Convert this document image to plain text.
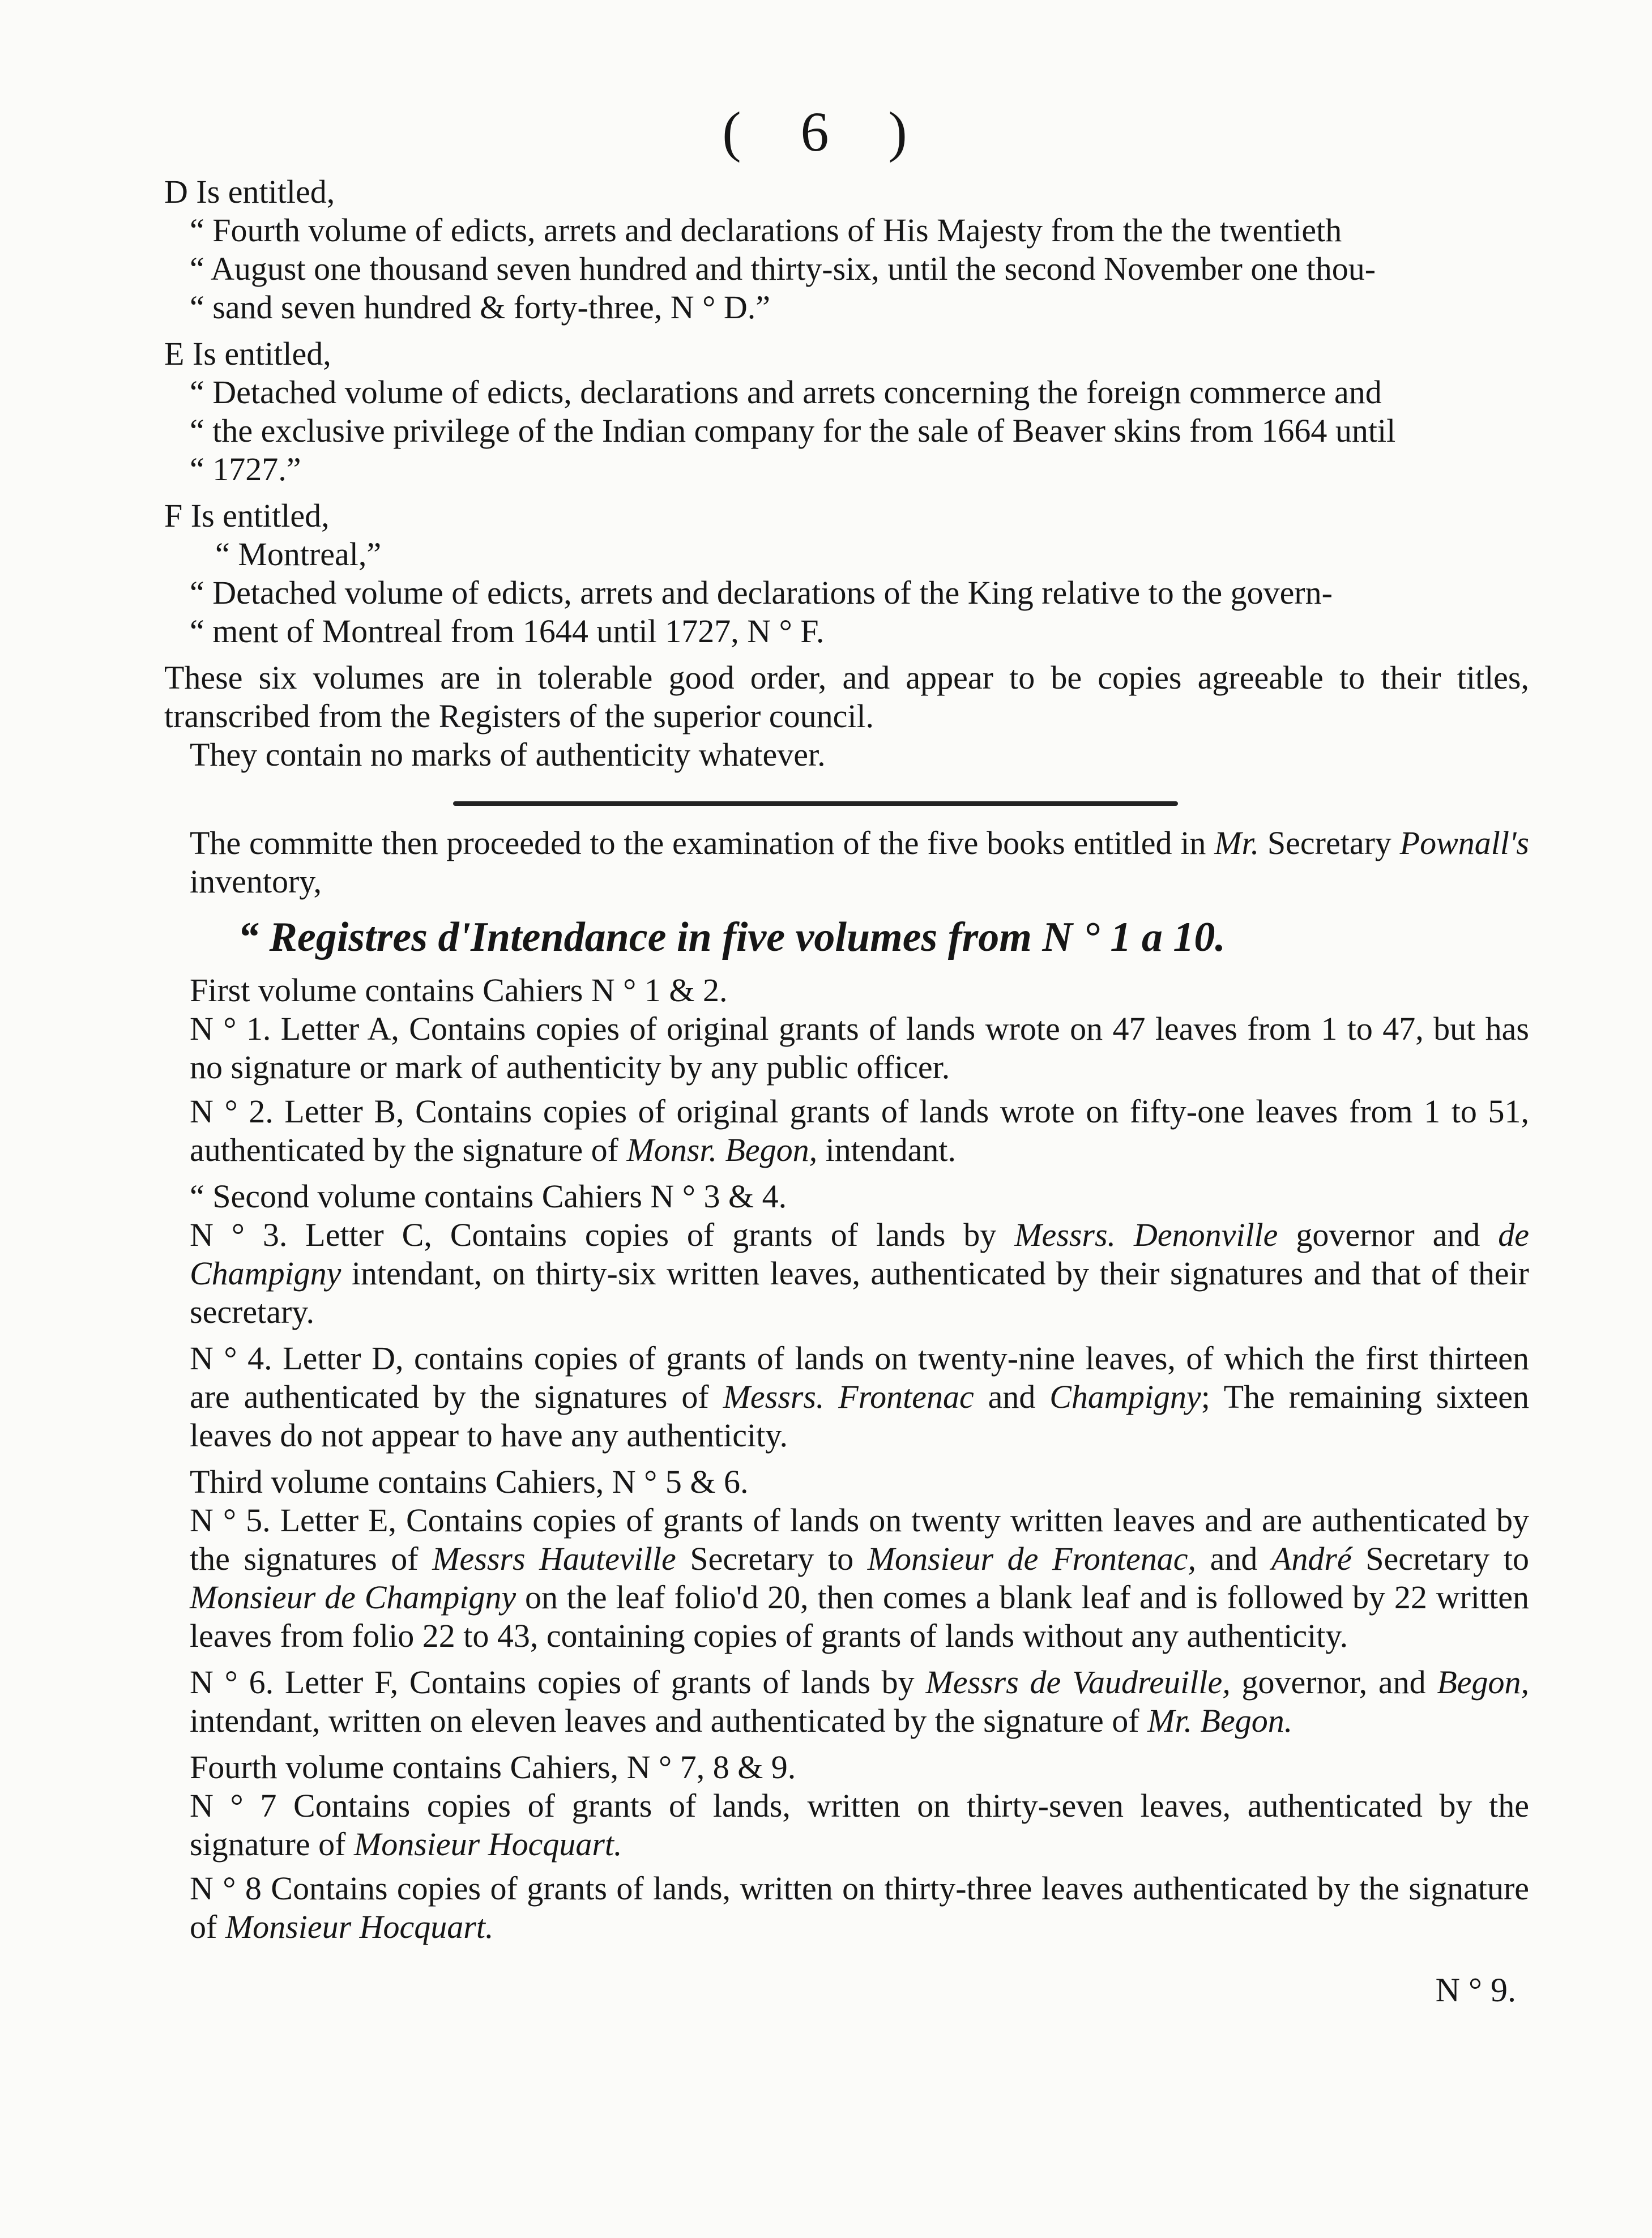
( 6 )

D Is entitled,

“ Fourth volume of edicts, arrets and declarations of His Majesty from the the twentieth
“ August one thousand seven hundred and thirty-six, until the second November one thou-
“ sand seven hundred & forty-three, N ° D.”

E Is entitled,

“ Detached volume of edicts, declarations and arrets concerning the foreign commerce and
“ the exclusive privilege of the Indian company for the sale of Beaver skins from 1664 until
“ 1727.”

F Is entitled,

“ Montreal,”
“ Detached volume of edicts, arrets and declarations of the King relative to the govern-
“ ment of Montreal from 1644 until 1727, N ° F.

These six volumes are in tolerable good order, and appear to be copies agreeable to their titles, transcribed from the Registers of the superior council.

They contain no marks of authenticity whatever.

The committe then proceeded to the examination of the five books entitled in Mr. Secretary Pownall's inventory,

“ Registres d'Intendance in five volumes from N ° 1 a 10.

First volume contains Cahiers N ° 1 & 2.

N ° 1. Letter A, Contains copies of original grants of lands wrote on 47 leaves from 1 to 47, but has no signature or mark of authenticity by any public officer.

N ° 2. Letter B, Contains copies of original grants of lands wrote on fifty-one leaves from 1 to 51, authenticated by the signature of Monsr. Begon, intendant.

“ Second volume contains Cahiers N ° 3 & 4.

N ° 3. Letter C, Contains copies of grants of lands by Messrs. Denonville governor and de Champigny intendant, on thirty-six written leaves, authenticated by their signatures and that of their secretary.

N ° 4. Letter D, contains copies of grants of lands on twenty-nine leaves, of which the first thirteen are authenticated by the signatures of Messrs. Frontenac and Champigny; The remaining sixteen leaves do not appear to have any authenticity.

Third volume contains Cahiers, N ° 5 & 6.

N ° 5. Letter E, Contains copies of grants of lands on twenty written leaves and are authenticated by the signatures of Messrs Hauteville Secretary to Monsieur de Frontenac, and André Secretary to Monsieur de Champigny on the leaf folio'd 20, then comes a blank leaf and is followed by 22 written leaves from folio 22 to 43, containing copies of grants of lands without any authenticity.

N ° 6. Letter F, Contains copies of grants of lands by Messrs de Vaudreuille, governor, and Begon, intendant, written on eleven leaves and authenticated by the signature of Mr. Begon.

Fourth volume contains Cahiers, N ° 7, 8 & 9.

N ° 7 Contains copies of grants of lands, written on thirty-seven leaves, authenticated by the signature of Monsieur Hocquart.

N ° 8 Contains copies of grants of lands, written on thirty-three leaves authenticated by the signature of Monsieur Hocquart.

N ° 9.
